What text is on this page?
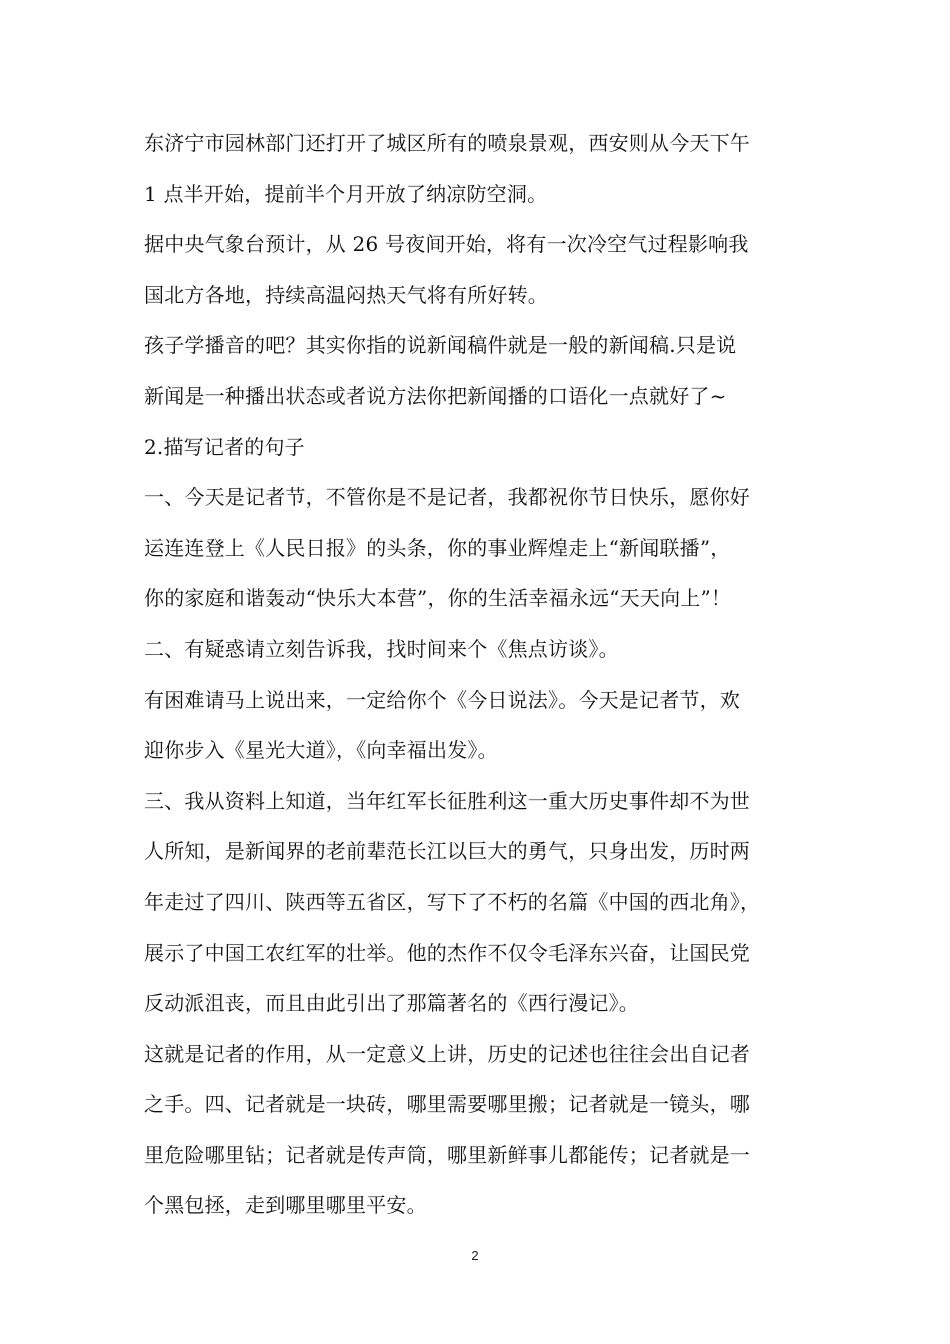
东济宁市园林部门还打开了城区所有的喷泉景观，西安则从今天下午
1 点半开始，提前半个月开放了纳凉防空洞。
据中央气象台预计，从 26 号夜间开始，将有一次冷空气过程影响我
国北方各地，持续高温闷热天气将有所好转。
孩子学播音的吧？其实你指的说新闻稿件就是一般的新闻稿.只是说
新闻是一种播出状态或者说方法你把新闻播的口语化一点就好了~
2.描写记者的句子
一、今天是记者节，不管你是不是记者，我都祝你节日快乐，愿你好
运连连登上《人民日报》的头条，你的事业辉煌走上“新闻联播”，
你的家庭和谐轰动“快乐大本营”，你的生活幸福永远“天天向上”！
二、有疑惑请立刻告诉我，找时间来个《焦点访谈》。
有困难请马上说出来，一定给你个《今日说法》。今天是记者节，欢
迎你步入《星光大道》，《向幸福出发》。
三、我从资料上知道，当年红军长征胜利这一重大历史事件却不为世
人所知，是新闻界的老前辈范长江以巨大的勇气，只身出发，历时两
年走过了四川、陕西等五省区，写下了不朽的名篇《中国的西北角》，
展示了中国工农红军的壮举。他的杰作不仅令毛泽东兴奋，让国民党
反动派沮丧，而且由此引出了那篇著名的《西行漫记》。
这就是记者的作用，从一定意义上讲，历史的记述也往往会出自记者
之手。四、记者就是一块砖，哪里需要哪里搬；记者就是一镜头，哪
里危险哪里钻；记者就是传声筒，哪里新鲜事儿都能传；记者就是一
个黑包拯，走到哪里哪里平安。
2
